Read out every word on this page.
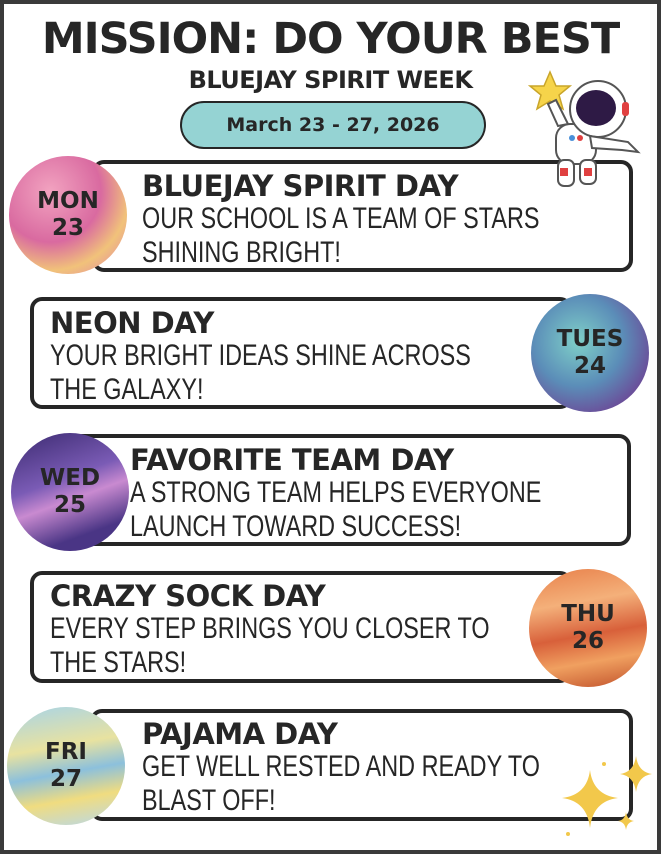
MISSION: DO YOUR BEST
BLUEJAY SPIRIT WEEK
March 23 - 27, 2026
MON
23
BLUEJAY SPIRIT DAY
OUR SCHOOL IS A TEAM OF STARS
SHINING BRIGHT!
TUES
24
NEON DAY
YOUR BRIGHT IDEAS SHINE ACROSS
THE GALAXY!
WED
25
FAVORITE TEAM DAY
A STRONG TEAM HELPS EVERYONE
LAUNCH TOWARD SUCCESS!
THU
26
CRAZY SOCK DAY
EVERY STEP BRINGS YOU CLOSER TO
THE STARS!
FRI
27
PAJAMA DAY
GET WELL RESTED AND READY TO
BLAST OFF!
